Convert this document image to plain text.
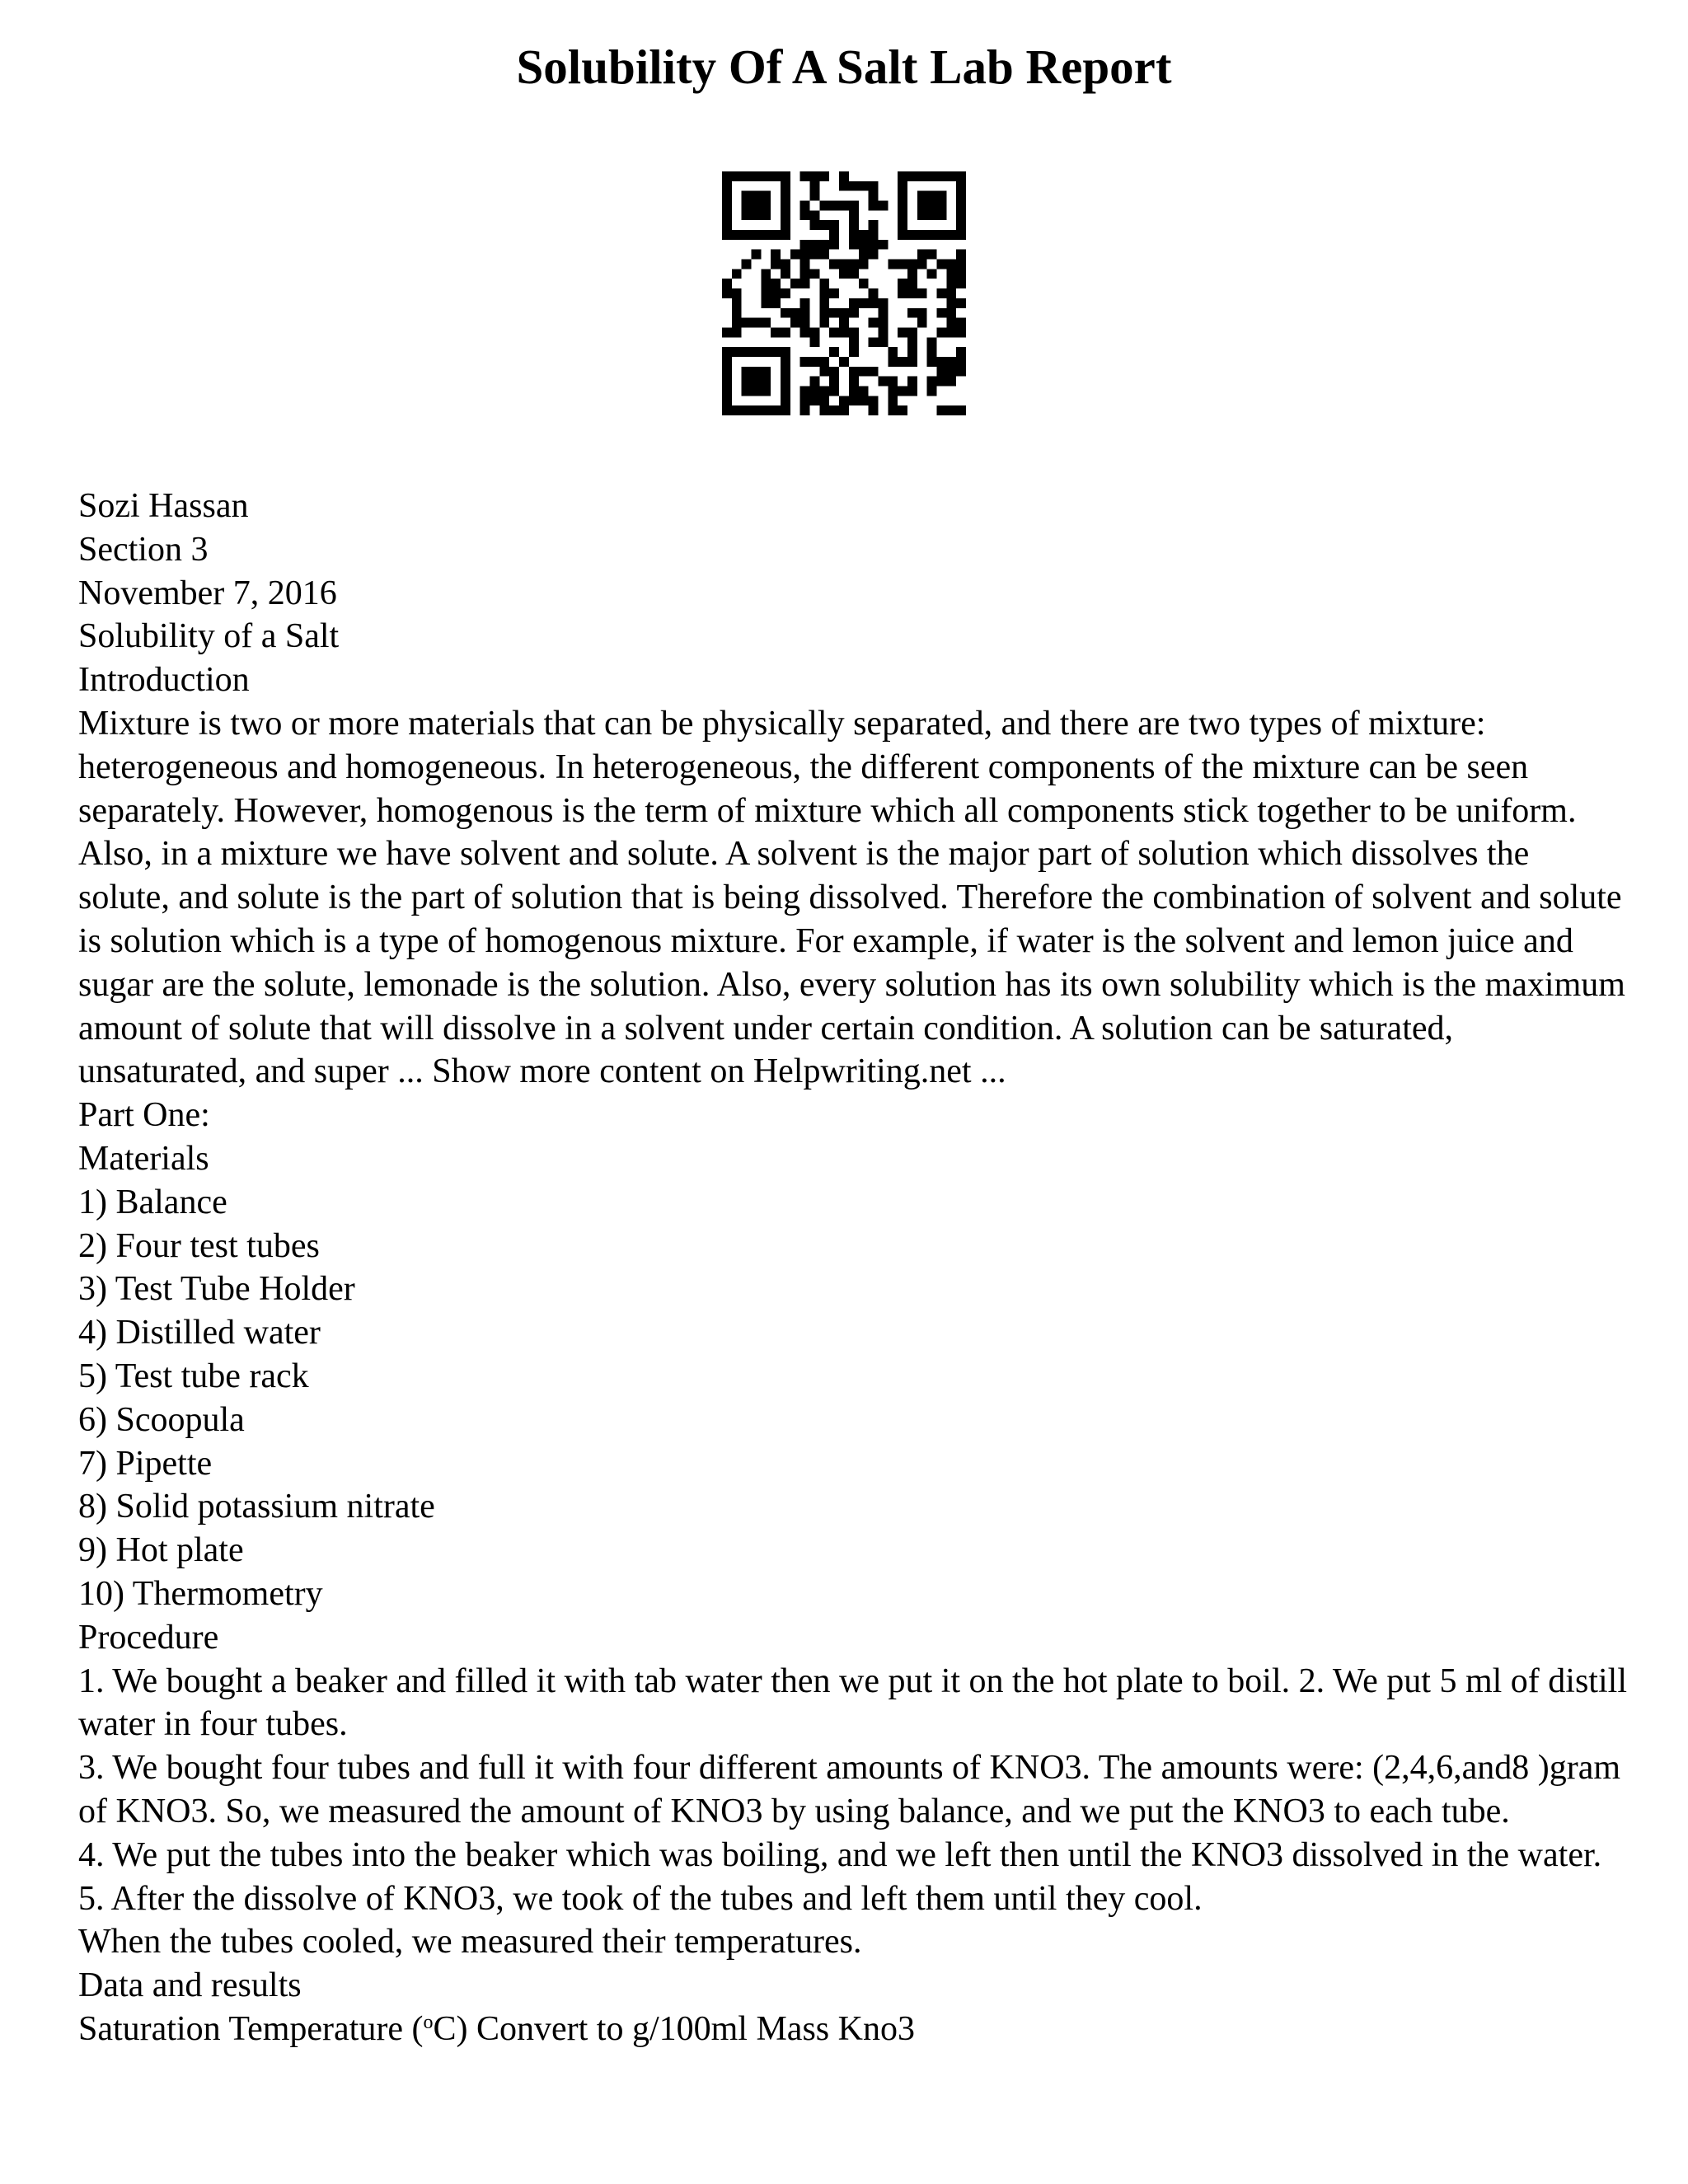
Solubility Of A Salt Lab Report
Sozi Hassan
Section 3
November 7, 2016
Solubility of a Salt
Introduction
Mixture is two or more materials that can be physically separated, and there are two types of mixture: heterogeneous and homogeneous. In heterogeneous, the different components of the mixture can be seen separately. However, homogenous is the term of mixture which all components stick together to be uniform. Also, in a mixture we have solvent and solute. A solvent is the major part of solution which dissolves the solute, and solute is the part of solution that is being dissolved. Therefore the combination of solvent and solute is solution which is a type of homogenous mixture. For example, if water is the solvent and lemon juice and sugar are the solute, lemonade is the solution. Also, every solution has its own solubility which is the maximum amount of solute that will dissolve in a solvent under certain condition. A solution can be saturated, unsaturated, and super ... Show more content on Helpwriting.net ...
Part One:
Materials
1) Balance
2) Four test tubes
3) Test Tube Holder
4) Distilled water
5) Test tube rack
6) Scoopula
7) Pipette
8) Solid potassium nitrate
9) Hot plate
10) Thermometry
Procedure
1. We bought a beaker and filled it with tab water then we put it on the hot plate to boil. 2. We put 5 ml of distill water in four tubes.
3. We bought four tubes and full it with four different amounts of KNO3. The amounts were: (2,4,6,and8 )gram of KNO3. So, we measured the amount of KNO3 by using balance, and we put the KNO3 to each tube.
4. We put the tubes into the beaker which was boiling, and we left then until the KNO3 dissolved in the water.
5. After the dissolve of KNO3, we took of the tubes and left them until they cool.
When the tubes cooled, we measured their temperatures.
Data and results
Saturation Temperature ($^o$C) Convert to g/100ml Mass Kno3
